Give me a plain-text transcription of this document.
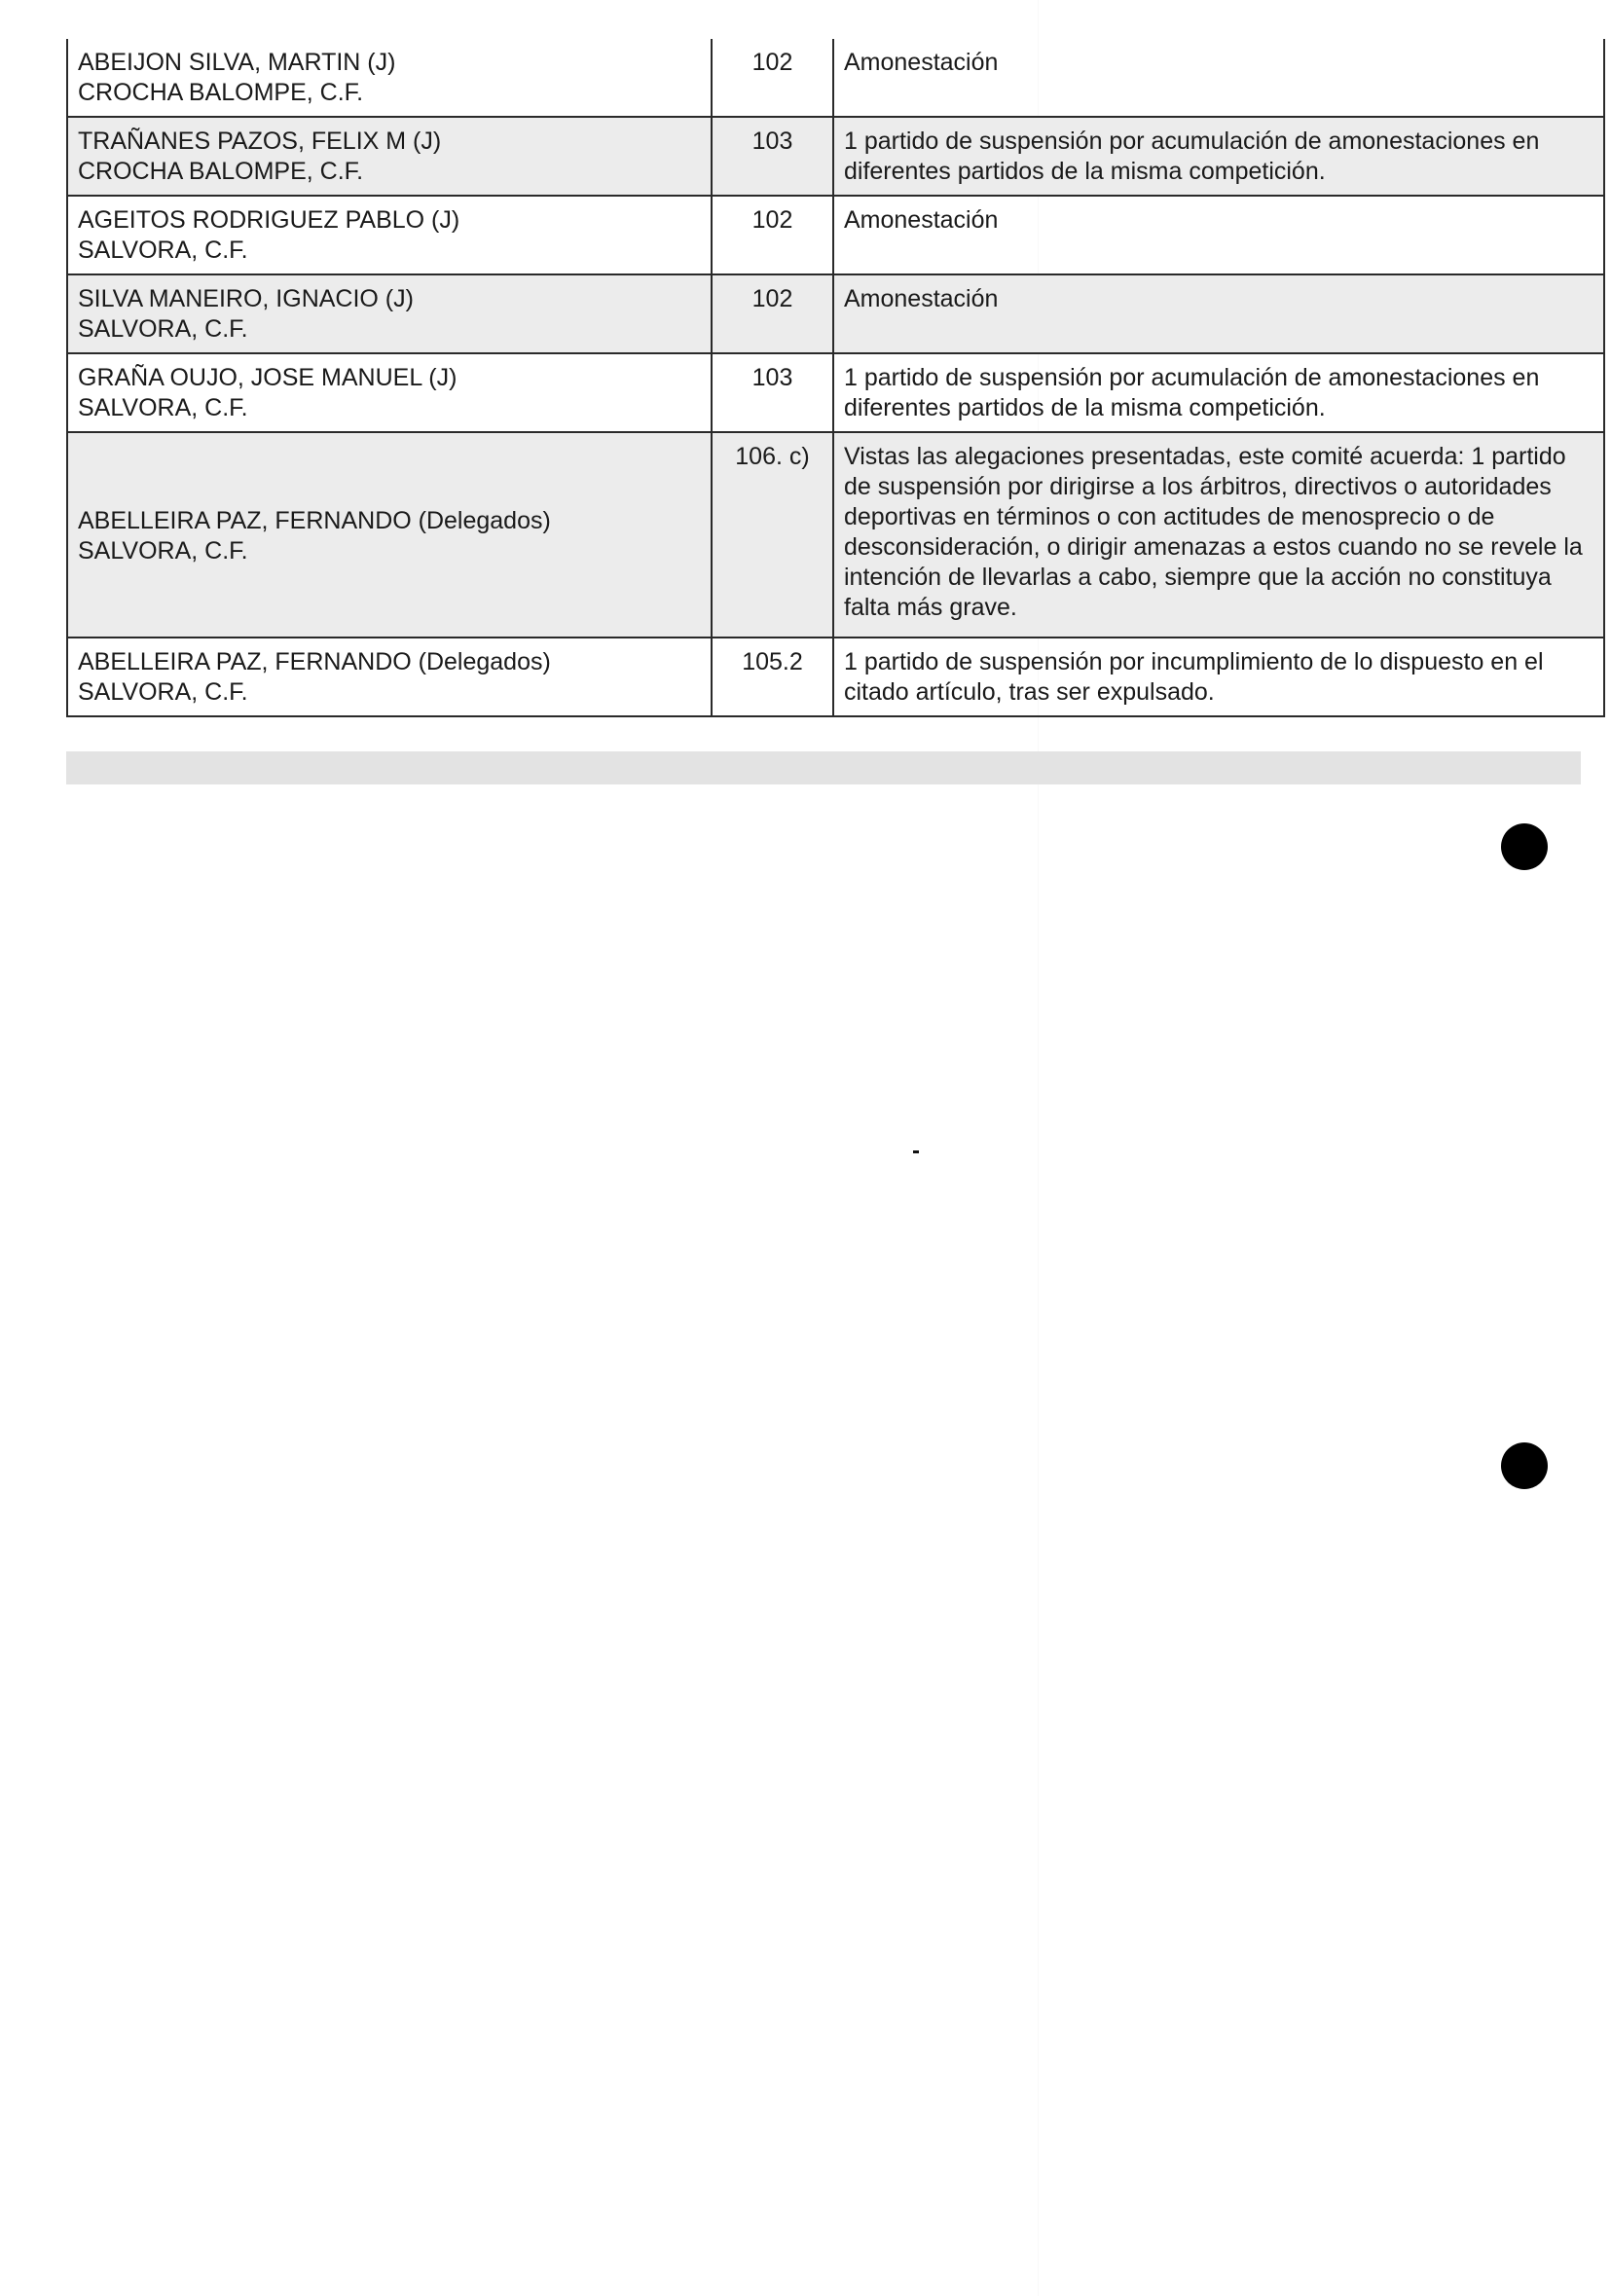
ABEIJON SILVA, MARTIN (J)
CROCHA BALOMPE, C.F.	102	Amonestación

TRAÑANES PAZOS, FELIX M (J)
CROCHA BALOMPE, C.F.	103	1 partido de suspensión por acumulación de amonestaciones en diferentes partidos de la misma competición.

AGEITOS RODRIGUEZ PABLO (J)
SALVORA, C.F.	102	Amonestación

SILVA MANEIRO, IGNACIO (J)
SALVORA, C.F.	102	Amonestación

GRAÑA OUJO, JOSE MANUEL (J)
SALVORA, C.F.	103	1 partido de suspensión por acumulación de amonestaciones en diferentes partidos de la misma competición.

ABELLEIRA PAZ, FERNANDO (Delegados)
SALVORA, C.F.	106. c)	Vistas las alegaciones presentadas, este comité acuerda: 1 partido de suspensión por dirigirse a los árbitros, directivos o autoridades deportivas en términos o con actitudes de menosprecio o de desconsideración, o dirigir amenazas a estos cuando no se revele la intención de llevarlas a cabo, siempre que la acción no constituya falta más grave.

ABELLEIRA PAZ, FERNANDO (Delegados)
SALVORA, C.F.	105.2	1 partido de suspensión por incumplimiento de lo dispuesto en el citado artículo, tras ser expulsado.
